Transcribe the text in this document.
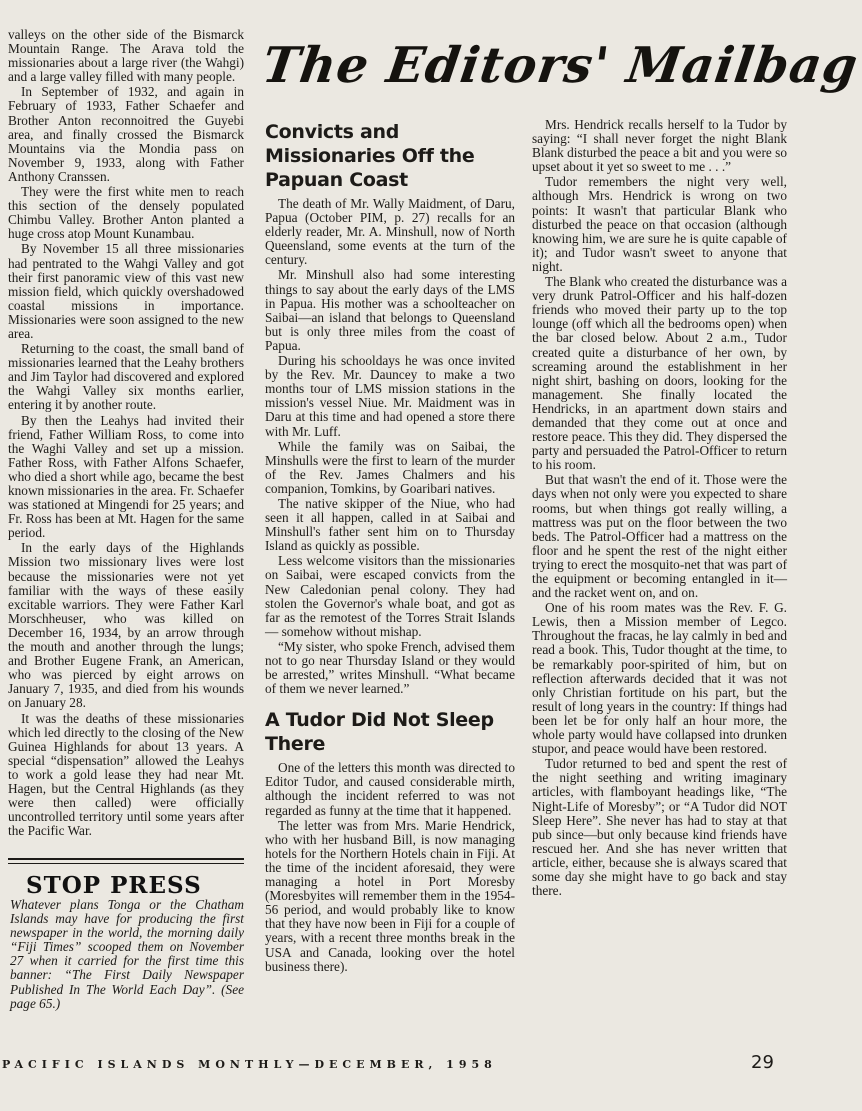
The Editors' Mailbag

valleys on the other side of the Bismarck Mountain Range. The Arava told the missionaries about a large river (the Wahgi) and a large valley filled with many people.

In September of 1932, and again in February of 1933, Father Schaefer and Brother Anton reconnoitred the Guyebi area, and finally crossed the Bismarck Mountains via the Mondia pass on November 9, 1933, along with Father Anthony Cranssen.

They were the first white men to reach this section of the densely populated Chimbu Valley. Brother Anton planted a huge cross atop Mount Kunambau.

By November 15 all three missionaries had pentrated to the Wahgi Valley and got their first panoramic view of this vast new mission field, which quickly overshadowed coastal missions in importance. Missionaries were soon assigned to the new area.

Returning to the coast, the small band of missionaries learned that the Leahy brothers and Jim Taylor had discovered and explored the Wahgi Valley six months earlier, entering it by another route.

By then the Leahys had invited their friend, Father William Ross, to come into the Waghi Valley and set up a mission. Father Ross, with Father Alfons Schaefer, who died a short while ago, became the best known missionaries in the area. Fr. Schaefer was stationed at Mingendi for 25 years; and Fr. Ross has been at Mt. Hagen for the same period.

In the early days of the Highlands Mission two missionary lives were lost because the missionaries were not yet familiar with the ways of these easily excitable warriors. They were Father Karl Morschheuser, who was killed on December 16, 1934, by an arrow through the mouth and another through the lungs; and Brother Eugene Frank, an American, who was pierced by eight arrows on January 7, 1935, and died from his wounds on January 28.

It was the deaths of these missionaries which led directly to the closing of the New Guinea Highlands for about 13 years. A special “dispensation” allowed the Leahys to work a gold lease they had near Mt. Hagen, but the Central Highlands (as they were then called) were officially uncontrolled territory until some years after the Pacific War.

STOP PRESS
Whatever plans Tonga or the Chatham Islands may have for producing the first newspaper in the world, the morning daily “Fiji Times” scooped them on November 27 when it carried for the first time this banner: “The First Daily Newspaper Published In The World Each Day”. (See page 65.)
Convicts and Missionaries Off the Papuan Coast

The death of Mr. Wally Maidment, of Daru, Papua (October PIM, p. 27) recalls for an elderly reader, Mr. A. Minshull, now of North Queensland, some events at the turn of the century.

Mr. Minshull also had some interesting things to say about the early days of the LMS in Papua. His mother was a schoolteacher on Saibai—an island that belongs to Queensland but is only three miles from the coast of Papua.

During his schooldays he was once invited by the Rev. Mr. Dauncey to make a two months tour of LMS mission stations in the mission's vessel Niue. Mr. Maidment was in Daru at this time and had opened a store there with Mr. Luff.

While the family was on Saibai, the Minshulls were the first to learn of the murder of the Rev. James Chalmers and his companion, Tomkins, by Goaribari natives.

The native skipper of the Niue, who had seen it all happen, called in at Saibai and Minshull's father sent him on to Thursday Island as quickly as possible.

Less welcome visitors than the missionaries on Saibai, were escaped convicts from the New Caledonian penal colony. They had stolen the Governor's whale boat, and got as far as the remotest of the Torres Strait Islands — somehow without mishap.

“My sister, who spoke French, advised them not to go near Thursday Island or they would be arrested,” writes Minshull. “What became of them we never learned.”

A Tudor Did Not Sleep There

One of the letters this month was directed to Editor Tudor, and caused considerable mirth, although the incident referred to was not regarded as funny at the time that it happened.

The letter was from Mrs. Marie Hendrick, who with her husband Bill, is now managing hotels for the Northern Hotels chain in Fiji. At the time of the incident aforesaid, they were managing a hotel in Port Moresby (Moresbyites will remember them in the 1954-56 period, and would probably like to know that they have now been in Fiji for a couple of years, with a recent three months break in the USA and Canada, looking over the hotel business there).

Mrs. Hendrick recalls herself to la Tudor by saying: “I shall never forget the night Blank Blank disturbed the peace a bit and you were so upset about it yet so sweet to me . . .”

Tudor remembers the night very well, although Mrs. Hendrick is wrong on two points: It wasn't that particular Blank who disturbed the peace on that occasion (although knowing him, we are sure he is quite capable of it); and Tudor wasn't sweet to anyone that night.

The Blank who created the disturbance was a very drunk Patrol-Officer and his half-dozen friends who moved their party up to the top lounge (off which all the bedrooms open) when the bar closed below. About 2 a.m., Tudor created quite a disturbance of her own, by screaming around the establishment in her night shirt, bashing on doors, looking for the management. She finally located the Hendricks, in an apartment down stairs and demanded that they come out at once and restore peace. This they did. They dispersed the party and persuaded the Patrol-Officer to return to his room.

But that wasn't the end of it. Those were the days when not only were you expected to share rooms, but when things got really willing, a mattress was put on the floor between the two beds. The Patrol-Officer had a mattress on the floor and he spent the rest of the night either trying to erect the mosquito-net that was part of the equipment or becoming entangled in it—and the racket went on, and on.

One of his room mates was the Rev. F. G. Lewis, then a Mission member of Legco. Throughout the fracas, he lay calmly in bed and read a book. This, Tudor thought at the time, to be remarkably poor-spirited of him, but on reflection afterwards decided that it was not only Christian fortitude on his part, but the result of long years in the country: If things had been let be for only half an hour more, the whole party would have collapsed into drunken stupor, and peace would have been restored.

Tudor returned to bed and spent the rest of the night seething and writing imaginary articles, with flamboyant headings like, “The Night-Life of Moresby”; or “A Tudor did NOT Sleep Here”. She never has had to stay at that pub since—but only because kind friends have rescued her. And she has never written that article, either, because she is always scared that some day she might have to go back and stay there.

PACIFIC ISLANDS MONTHLY—DECEMBER, 1958	29
